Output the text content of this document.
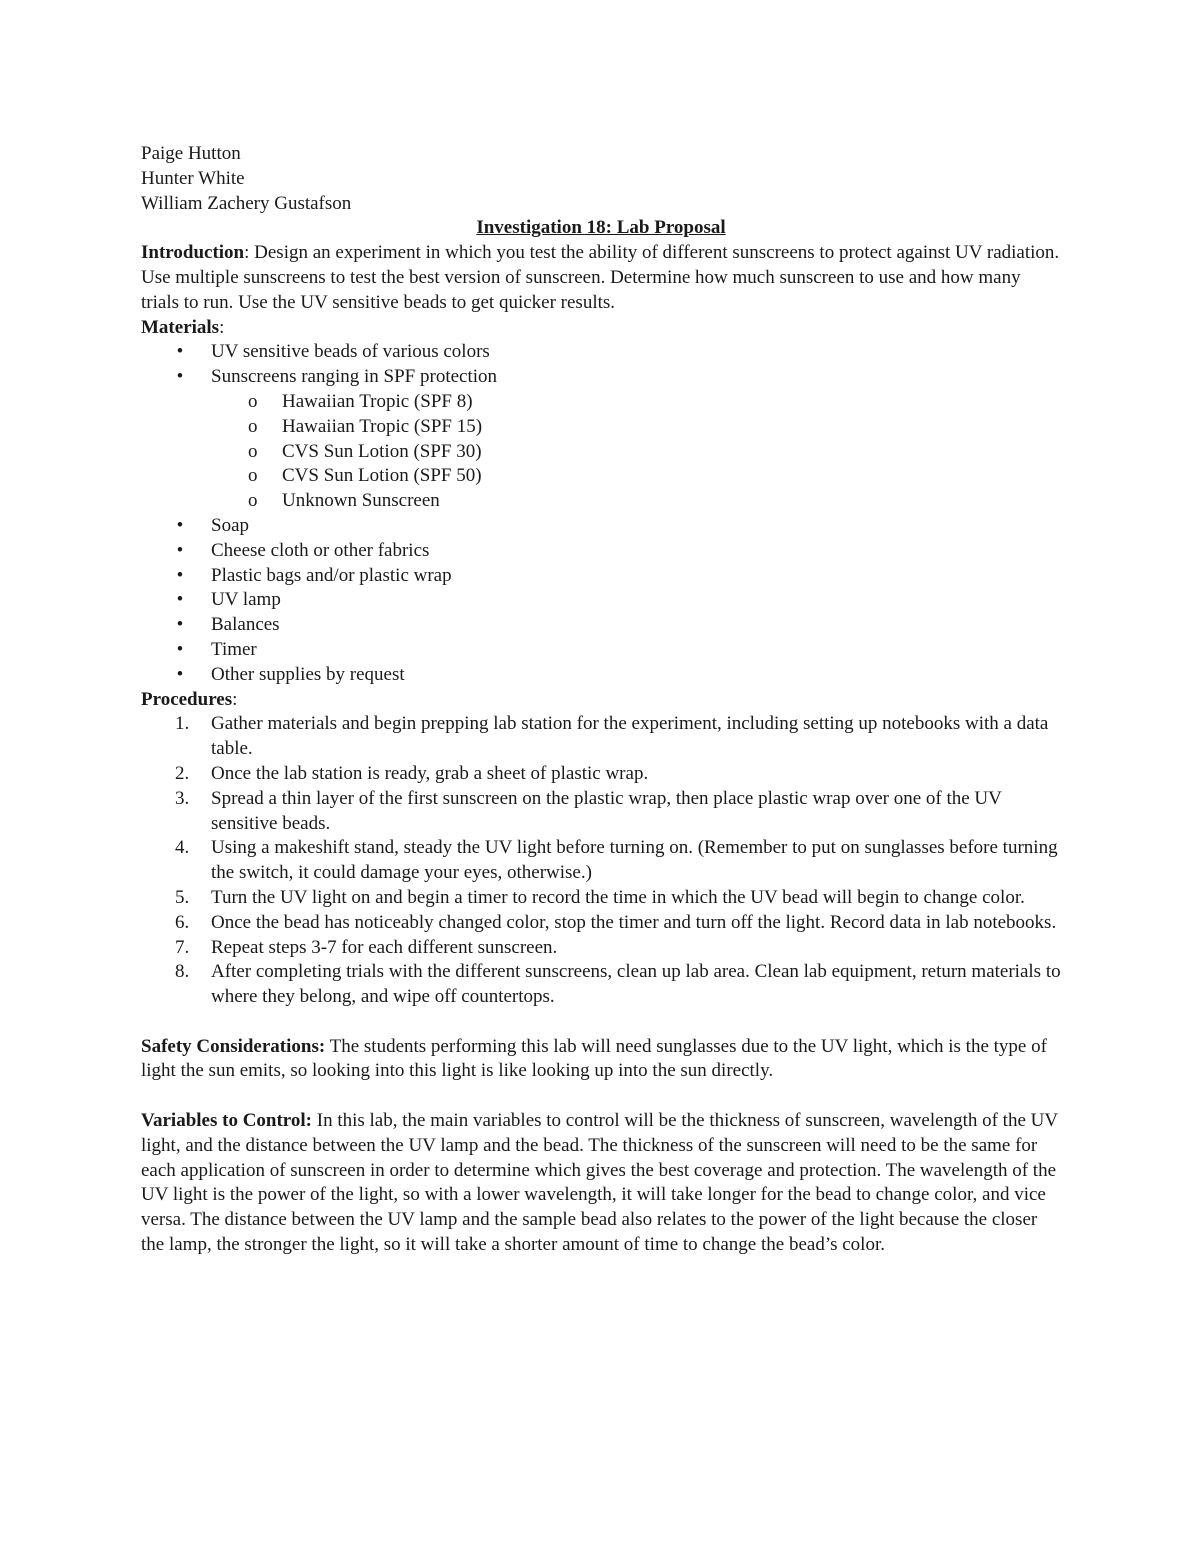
Paige Hutton

Hunter White

William Zachery Gustafson

Investigation 18: Lab Proposal

Introduction: Design an experiment in which you test the ability of different sunscreens to protect against UV radiation. Use multiple sunscreens to test the best version of sunscreen. Determine how much sunscreen to use and how many trials to run. Use the UV sensitive beads to get quicker results.

Materials:

• UV sensitive beads of various colors
• Sunscreens ranging in SPF protection
o Hawaiian Tropic (SPF 8)
o Hawaiian Tropic (SPF 15)
o CVS Sun Lotion (SPF 30)
o CVS Sun Lotion (SPF 50)
o Unknown Sunscreen
• Soap
• Cheese cloth or other fabrics
• Plastic bags and/or plastic wrap
• UV lamp
• Balances
• Timer
• Other supplies by request

Procedures:

1. Gather materials and begin prepping lab station for the experiment, including setting up notebooks with a data table.
2. Once the lab station is ready, grab a sheet of plastic wrap.
3. Spread a thin layer of the first sunscreen on the plastic wrap, then place plastic wrap over one of the UV sensitive beads.
4. Using a makeshift stand, steady the UV light before turning on. (Remember to put on sunglasses before turning the switch, it could damage your eyes, otherwise.)
5. Turn the UV light on and begin a timer to record the time in which the UV bead will begin to change color.
6. Once the bead has noticeably changed color, stop the timer and turn off the light. Record data in lab notebooks.
7. Repeat steps 3-7 for each different sunscreen.
8. After completing trials with the different sunscreens, clean up lab area. Clean lab equipment, return materials to where they belong, and wipe off countertops.

Safety Considerations: The students performing this lab will need sunglasses due to the UV light, which is the type of light the sun emits, so looking into this light is like looking up into the sun directly.

Variables to Control: In this lab, the main variables to control will be the thickness of sunscreen, wavelength of the UV light, and the distance between the UV lamp and the bead. The thickness of the sunscreen will need to be the same for each application of sunscreen in order to determine which gives the best coverage and protection. The wavelength of the UV light is the power of the light, so with a lower wavelength, it will take longer for the bead to change color, and vice versa. The distance between the UV lamp and the sample bead also relates to the power of the light because the closer the lamp, the stronger the light, so it will take a shorter amount of time to change the bead’s color.
